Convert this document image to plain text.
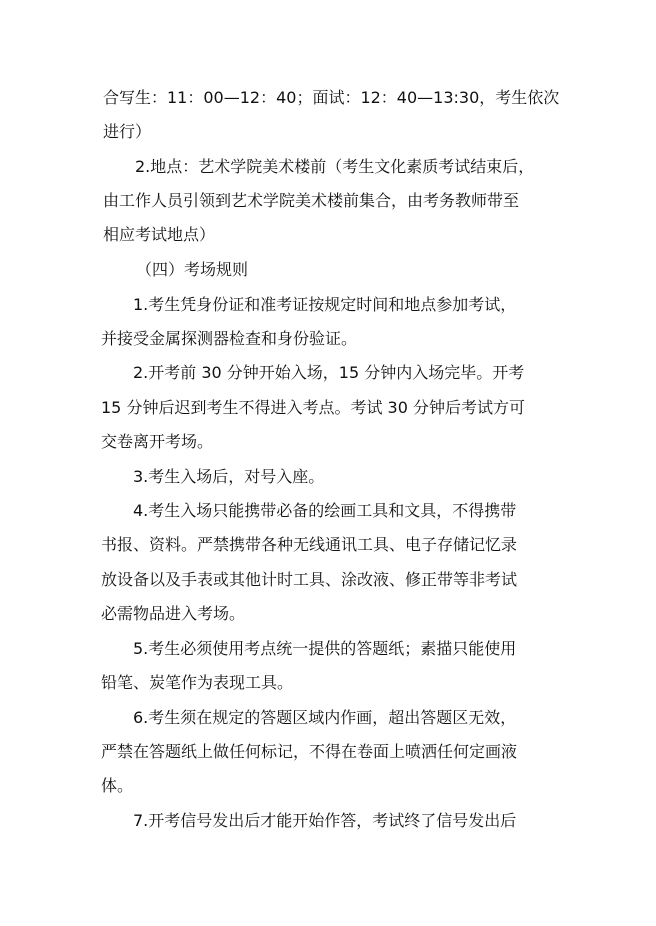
合写生：11：00—12：40；面试：12：40—13:30，考生依次
进行）
2.地点：艺术学院美术楼前（考生文化素质考试结束后，
由工作人员引领到艺术学院美术楼前集合，由考务教师带至
相应考试地点）
（四）考场规则
1.考生凭身份证和准考证按规定时间和地点参加考试，
并接受金属探测器检查和身份验证。
2.开考前 30 分钟开始入场，15 分钟内入场完毕。开考
15 分钟后迟到考生不得进入考点。考试 30 分钟后考试方可
交卷离开考场。
3.考生入场后，对号入座。
4.考生入场只能携带必备的绘画工具和文具，不得携带
书报、资料。严禁携带各种无线通讯工具、电子存储记忆录
放设备以及手表或其他计时工具、涂改液、修正带等非考试
必需物品进入考场。
5.考生必须使用考点统一提供的答题纸；素描只能使用
铅笔、炭笔作为表现工具。
6.考生须在规定的答题区域内作画，超出答题区无效，
严禁在答题纸上做任何标记，不得在卷面上喷洒任何定画液
体。
7.开考信号发出后才能开始作答，考试终了信号发出后
